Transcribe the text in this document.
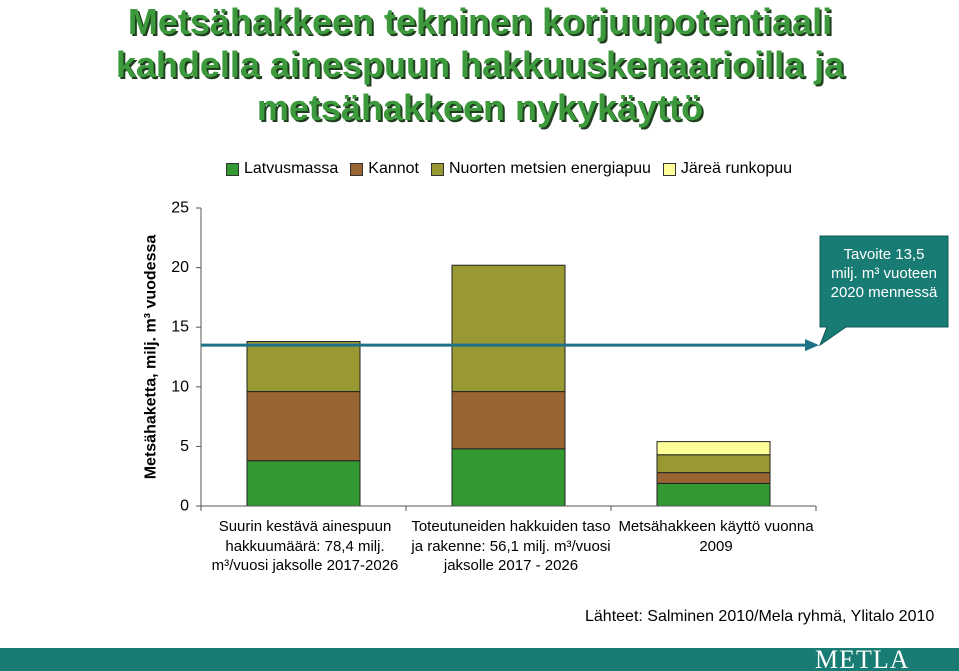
Metsähaketta, milj. m³ vuodessa
0
5
10
15
20
25
Metsähakkeen tekninen korjuupotentiaali kahdella ainespuun hakkuuskenaarioilla ja metsähakkeen nykykäyttö
Latvusmassa Kannot Nuorten metsien energiapuu Järeä runkopuu
Suurin kestävä ainespuun hakkuumäärä: 78,4 milj. m³/vuosi jaksolle 2017-2026
Toteutuneiden hakkuiden taso ja rakenne: 56,1 milj. m³/vuosi jaksolle 2017 - 2026
Metsähakkeen käyttö vuonna 2009
Tavoite 13,5 milj. m³ vuoteen 2020 mennessä
Lähteet: Salminen 2010/Mela ryhmä, Ylitalo 2010
METLA
